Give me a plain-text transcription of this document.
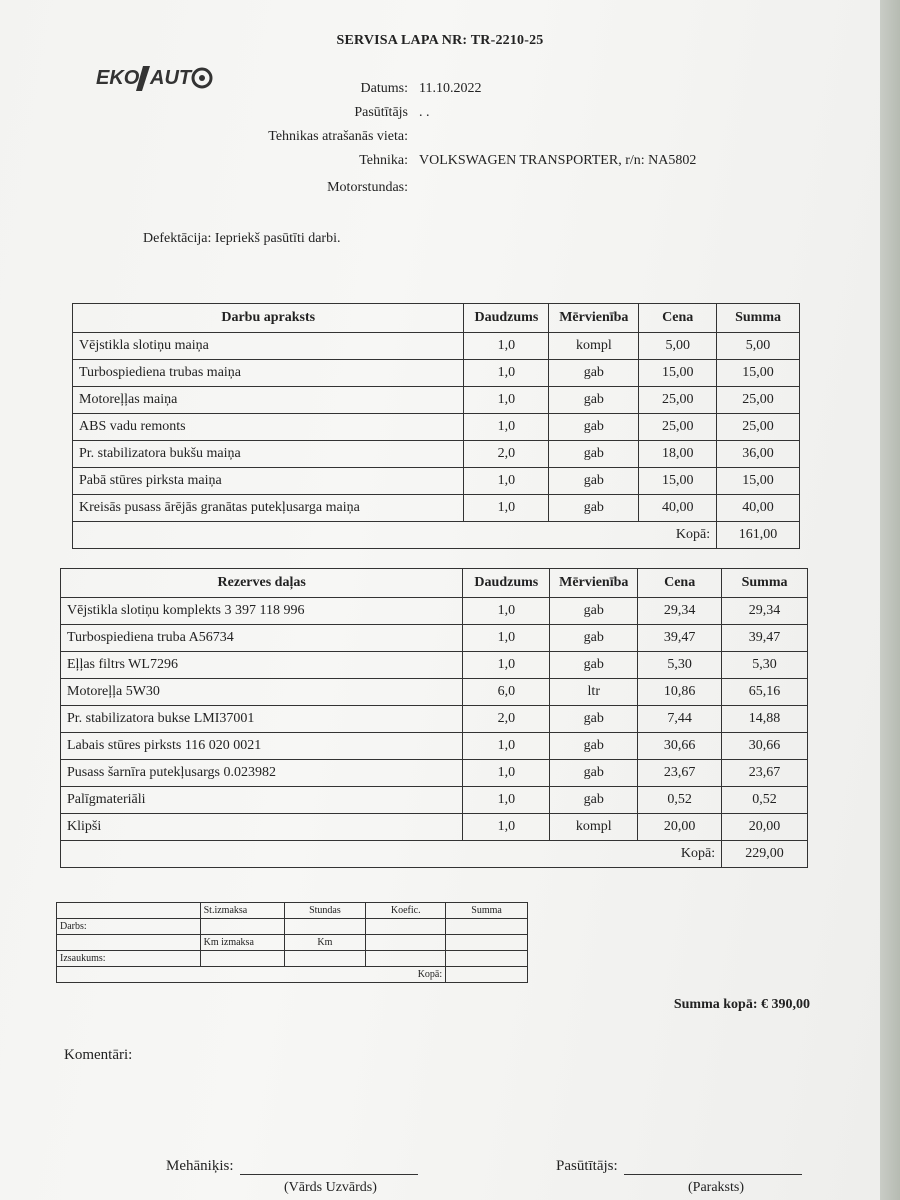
SERVISA LAPA NR: TR-2210-25
EKO AUT	Datums: 11.10.2022
Pasūtītājs . .
Tehnikas atrašanās vieta:
Tehnika: VOLKSWAGEN TRANSPORTER, r/n: NA5802
Motorstundas:
Defektācija: Iepriekš pasūtīti darbi.
Darbu apraksts	Daudzums	Mērvienība	Cena	Summa
Vējstikla slotiņu maiņa	1,0	kompl	5,00	5,00
Turbospiediena trubas maiņa	1,0	gab	15,00	15,00
Motoreļļas maiņa	1,0	gab	25,00	25,00
ABS vadu remonts	1,0	gab	25,00	25,00
Pr. stabilizatora bukšu maiņa	2,0	gab	18,00	36,00
Pabā stūres pirksta maiņa	1,0	gab	15,00	15,00
Kreisās pusass ārējās granātas putekļusarga maiņa	1,0	gab	40,00	40,00
Kopā:				161,00
Rezerves daļas	Daudzums	Mērvienība	Cena	Summa
Vējstikla slotiņu komplekts 3 397 118 996	1,0	gab	29,34	29,34
Turbospiediena truba A56734	1,0	gab	39,47	39,47
Eļļas filtrs WL7296	1,0	gab	5,30	5,30
Motoreļļa 5W30	6,0	ltr	10,86	65,16
Pr. stabilizatora bukse LMI37001	2,0	gab	7,44	14,88
Labais stūres pirksts 116 020 0021	1,0	gab	30,66	30,66
Pusass šarnīra putekļusargs 0.023982	1,0	gab	23,67	23,67
Palīgmateriāli	1,0	gab	0,52	0,52
Klipši	1,0	kompl	20,00	20,00
Kopā:				229,00
	St.izmaksa	Stundas	Koefic.	Summa
Darbs:				
	Km izmaksa	Km		
Izsaukums:				
Kopā:				
Summa kopā: € 390,00
Komentāri:
Mehāniķis:
(Vārds Uzvārds)
Pasūtītājs:
(Paraksts)
